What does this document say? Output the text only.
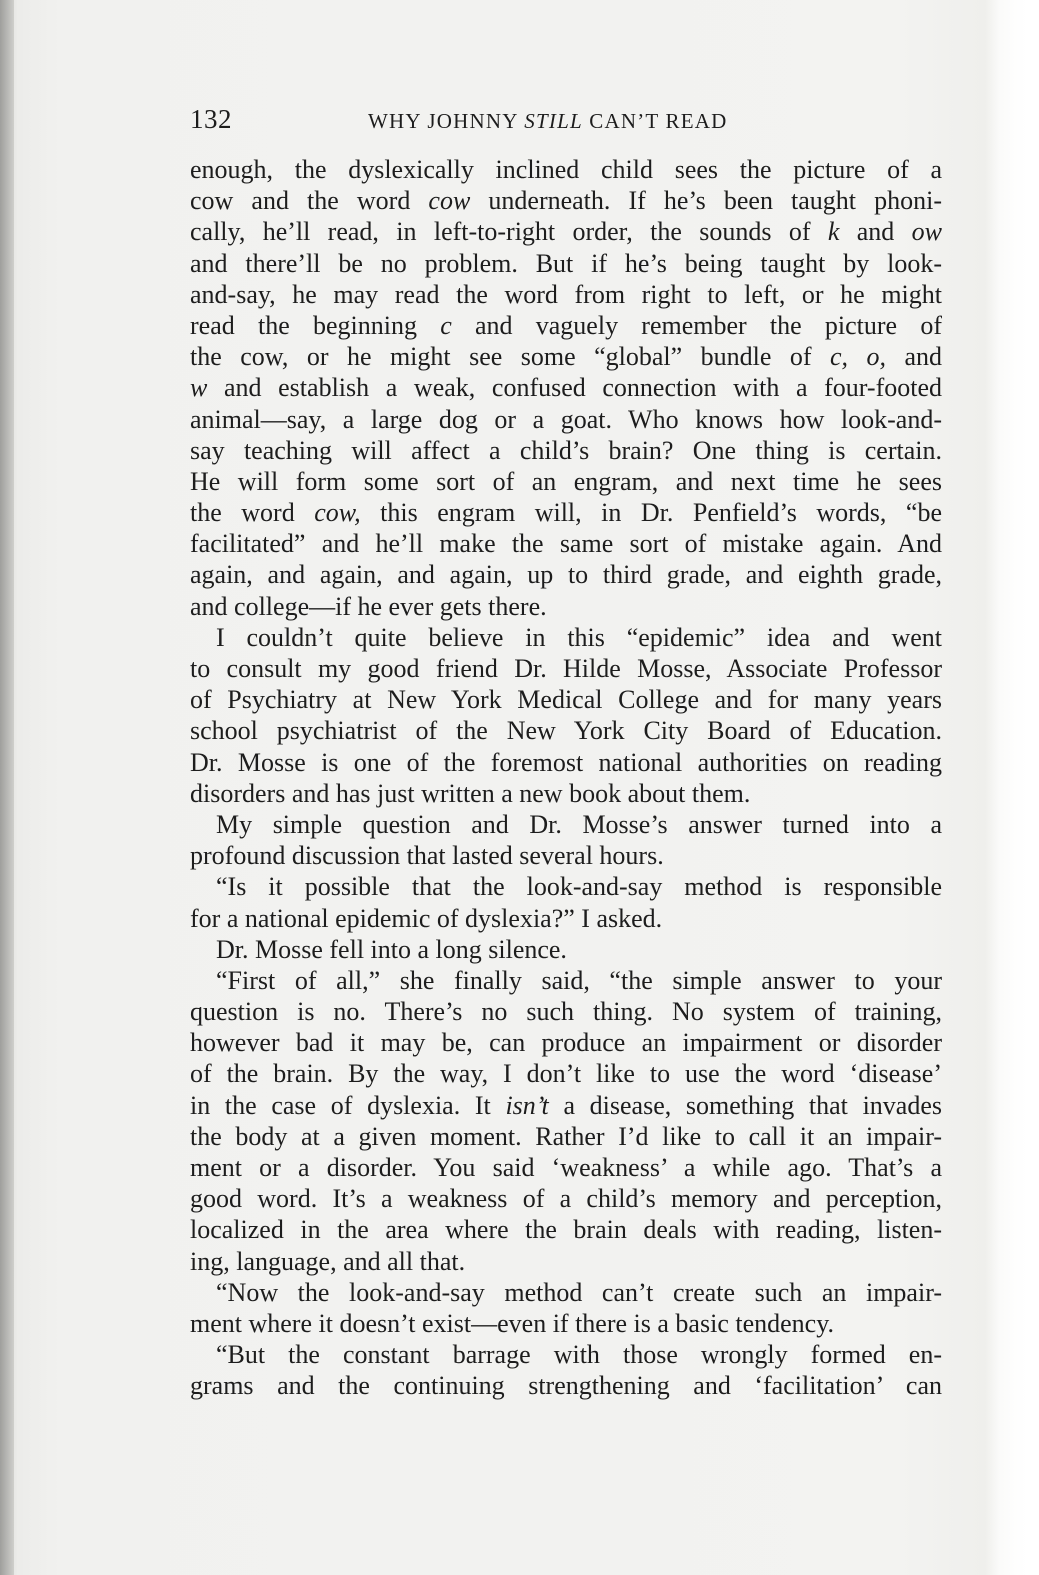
132	WHY JOHNNY STILL CAN’T READ
enough, the dyslexically inclined child sees the picture of a
cow and the word cow underneath. If he’s been taught phoni-
cally, he’ll read, in left-to-right order, the sounds of k and ow
and there’ll be no problem. But if he’s being taught by look-
and-say, he may read the word from right to left, or he might
read the beginning c and vaguely remember the picture of
the cow, or he might see some “global” bundle of c, o, and
w and establish a weak, confused connection with a four-footed
animal—say, a large dog or a goat. Who knows how look-and-
say teaching will affect a child’s brain? One thing is certain.
He will form some sort of an engram, and next time he sees
the word cow, this engram will, in Dr. Penfield’s words, “be
facilitated” and he’ll make the same sort of mistake again. And
again, and again, and again, up to third grade, and eighth grade,
and college—if he ever gets there.
I couldn’t quite believe in this “epidemic” idea and went
to consult my good friend Dr. Hilde Mosse, Associate Professor
of Psychiatry at New York Medical College and for many years
school psychiatrist of the New York City Board of Education.
Dr. Mosse is one of the foremost national authorities on reading
disorders and has just written a new book about them.
My simple question and Dr. Mosse’s answer turned into a
profound discussion that lasted several hours.
“Is it possible that the look-and-say method is responsible
for a national epidemic of dyslexia?” I asked.
Dr. Mosse fell into a long silence.
“First of all,” she finally said, “the simple answer to your
question is no. There’s no such thing. No system of training,
however bad it may be, can produce an impairment or disorder
of the brain. By the way, I don’t like to use the word ‘disease’
in the case of dyslexia. It isn’t a disease, something that invades
the body at a given moment. Rather I’d like to call it an impair-
ment or a disorder. You said ‘weakness’ a while ago. That’s a
good word. It’s a weakness of a child’s memory and perception,
localized in the area where the brain deals with reading, listen-
ing, language, and all that.
“Now the look-and-say method can’t create such an impair-
ment where it doesn’t exist—even if there is a basic tendency.
“But the constant barrage with those wrongly formed en-
grams and the continuing strengthening and ‘facilitation’ can
